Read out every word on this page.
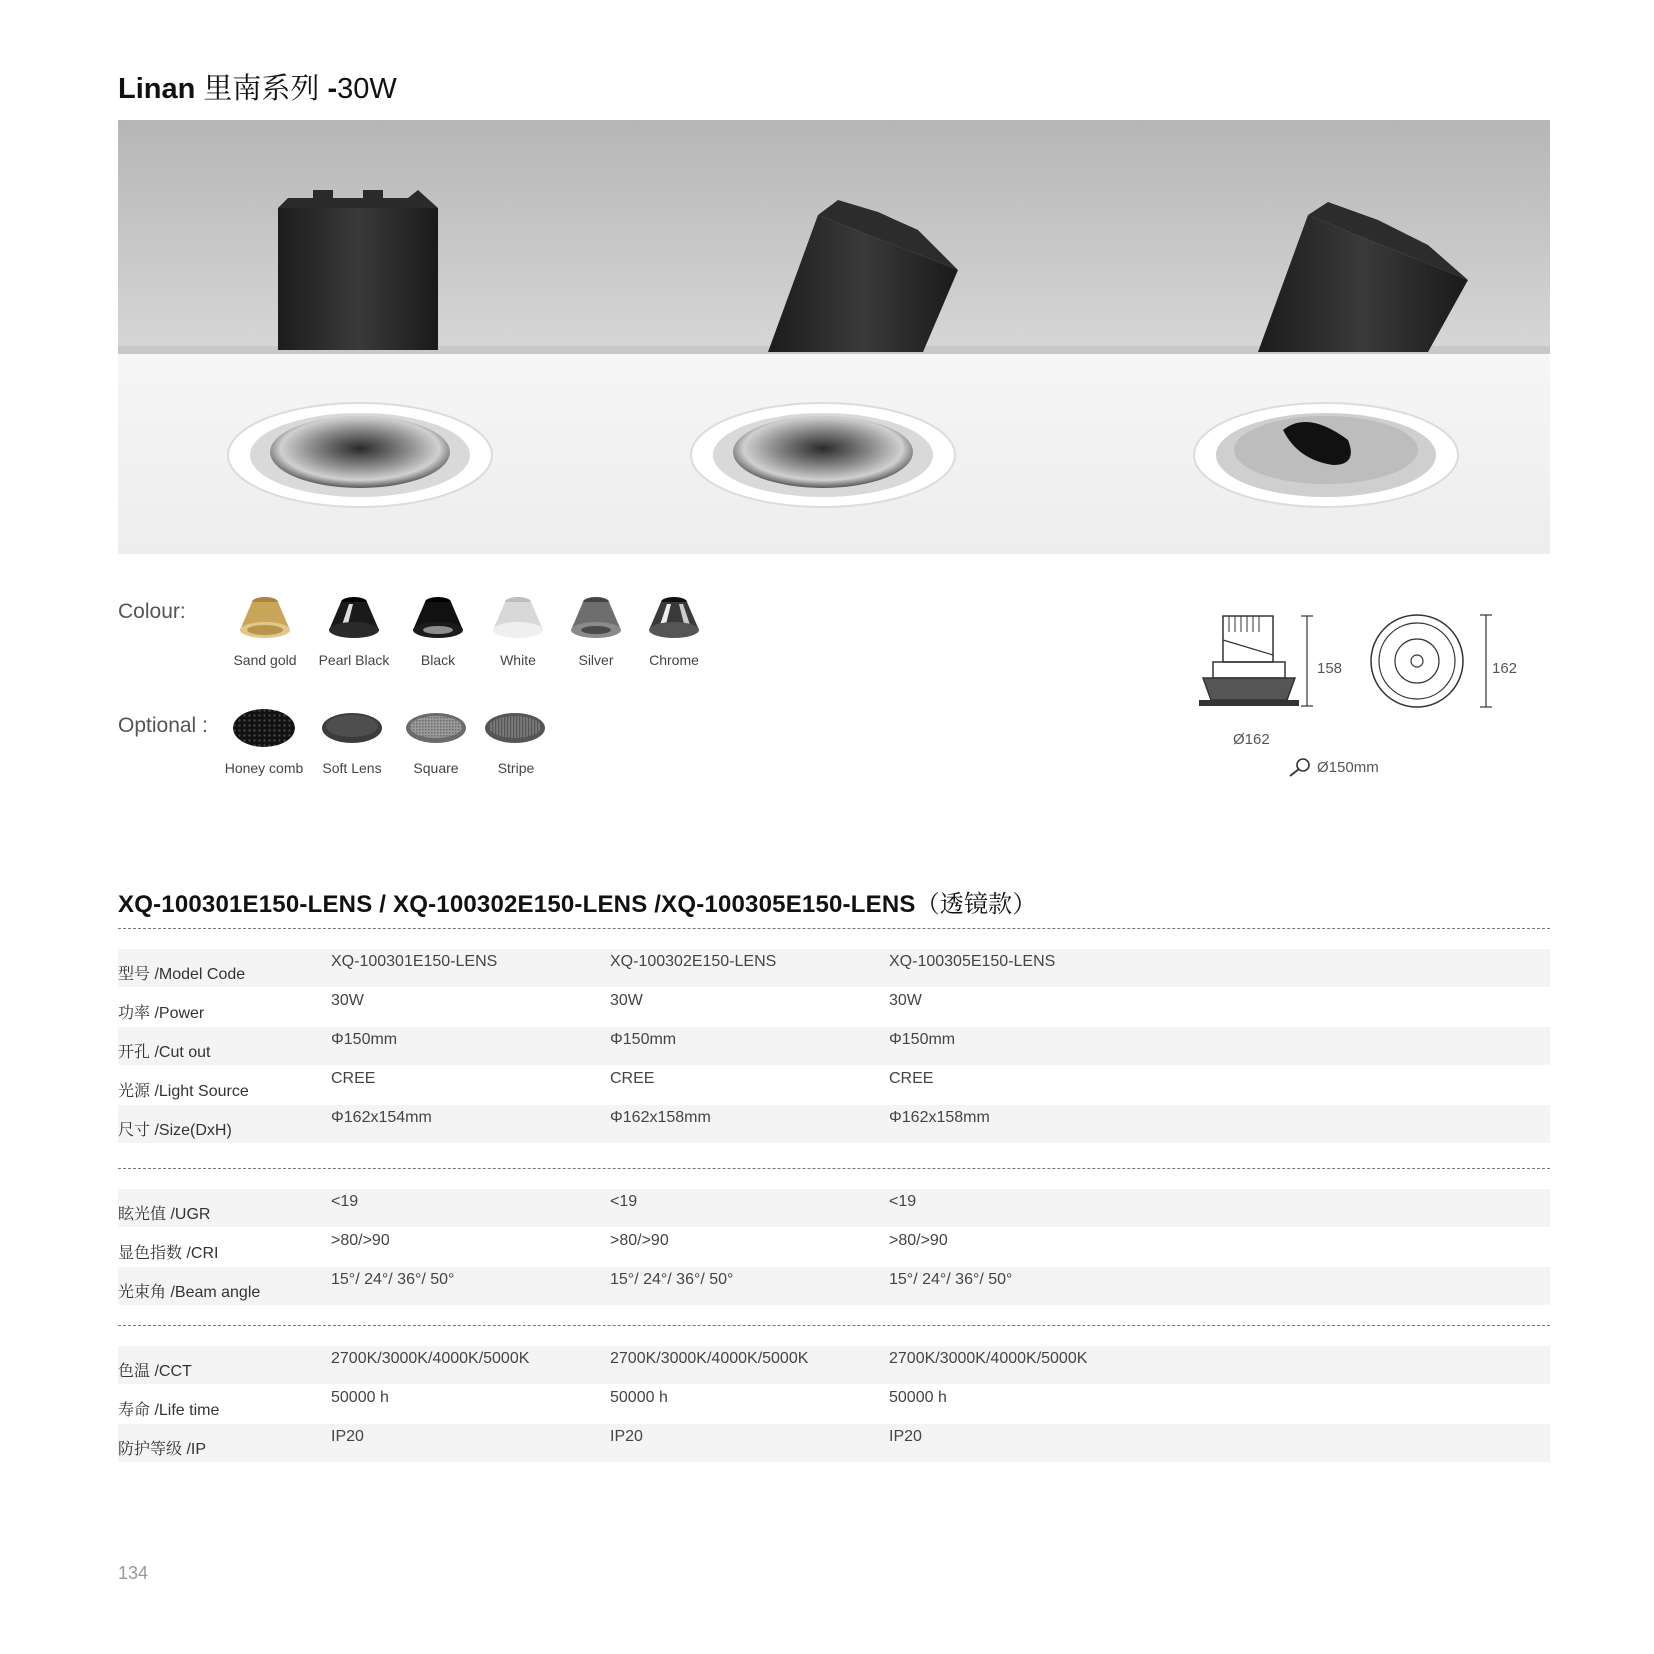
Linan 里南系列 -30W
Colour:
Sand gold	Pearl Black	Black	White	Silver	Chrome
Optional :
Honey comb	Soft Lens	Square	Stripe
158	162
Ø162
Ø150mm
XQ-100301E150-LENS / XQ-100302E150-LENS /XQ-100305E150-LENS（透镜款）
型号 /Model Code
XQ-100301E150-LENS	XQ-100302E150-LENS	XQ-100305E150-LENS
功率 /Power
30W	30W	30W
开孔 /Cut out
Φ150mm	Φ150mm	Φ150mm
光源 /Light Source
CREE	CREE	CREE
尺寸 /Size(DxH)
Φ162x154mm	Φ162x158mm	Φ162x158mm
眩光值 /UGR
<19	<19	<19
显色指数 /CRI
>80/>90	>80/>90	>80/>90
光束角 /Beam angle
15°/ 24°/ 36°/ 50°	15°/ 24°/ 36°/ 50°	15°/ 24°/ 36°/ 50°
色温 /CCT
2700K/3000K/4000K/5000K	2700K/3000K/4000K/5000K	2700K/3000K/4000K/5000K
寿命 /Life time
50000 h	50000 h	50000 h
防护等级 /IP
IP20	IP20	IP20
134
